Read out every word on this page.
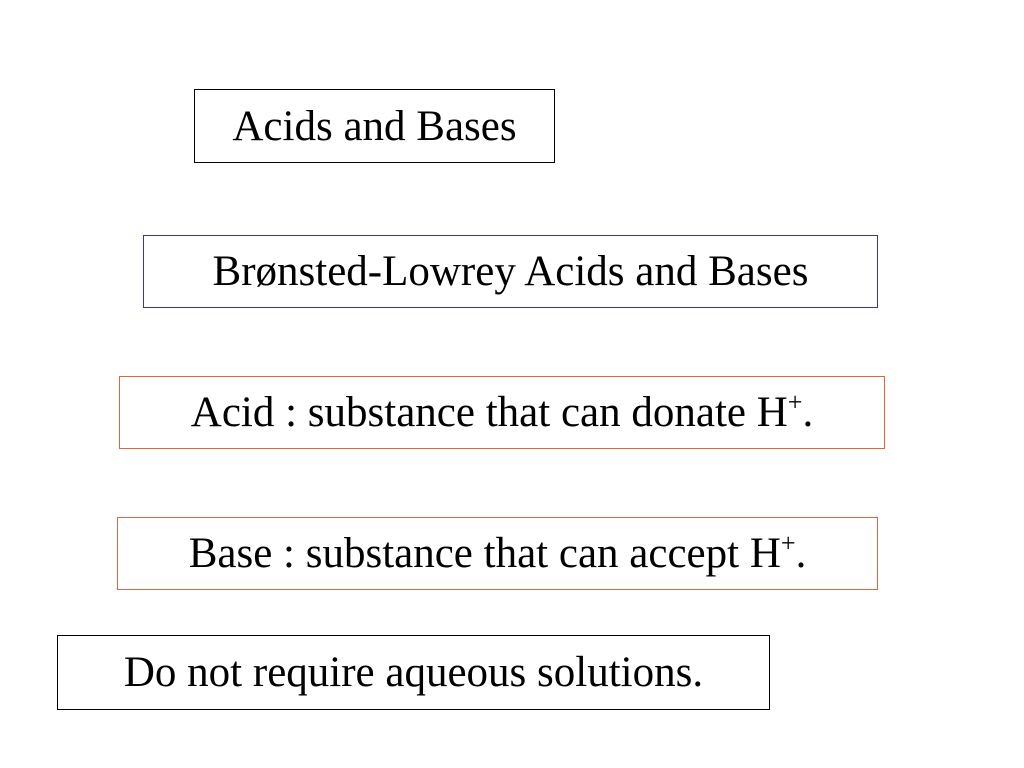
Acids and Bases
Brønsted-Lowrey Acids and Bases
Acid : substance that can donate H+.
Base : substance that can accept H+.
Do not require aqueous solutions.
